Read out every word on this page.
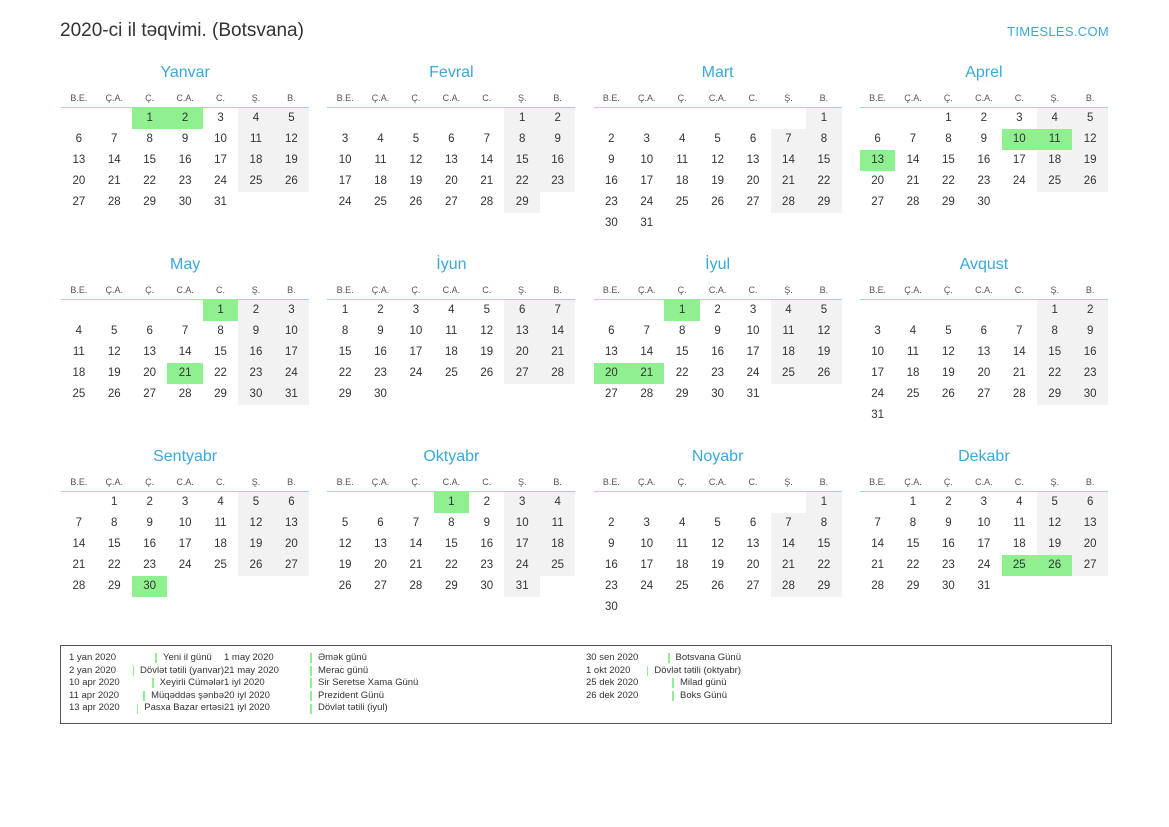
2020-ci il təqvimi. (Botsvana)	TIMESLES.COM
Yanvar
B.E.	Ç.A.	Ç.	C.A.	C.	Ş.	B.

		1	2	3	4	5

6	7	8	9	10	11	12

13	14	15	16	17	18	19

20	21	22	23	24	25	26

27	28	29	30	31		

Fevral
B.E.	Ç.A.	Ç.	C.A.	C.	Ş.	B.

					1	2

3	4	5	6	7	8	9

10	11	12	13	14	15	16

17	18	19	20	21	22	23

24	25	26	27	28	29	

Mart
B.E.	Ç.A.	Ç.	C.A.	C.	Ş.	B.

						1

2	3	4	5	6	7	8

9	10	11	12	13	14	15

16	17	18	19	20	21	22

23	24	25	26	27	28	29

30	31					

Aprel
B.E.	Ç.A.	Ç.	C.A.	C.	Ş.	B.

		1	2	3	4	5

6	7	8	9	10	11	12

13	14	15	16	17	18	19

20	21	22	23	24	25	26

27	28	29	30			

May
B.E.	Ç.A.	Ç.	C.A.	C.	Ş.	B.

				1	2	3

4	5	6	7	8	9	10

11	12	13	14	15	16	17

18	19	20	21	22	23	24

25	26	27	28	29	30	31
İyun
B.E.	Ç.A.	Ç.	C.A.	C.	Ş.	B.

1	2	3	4	5	6	7

8	9	10	11	12	13	14

15	16	17	18	19	20	21

22	23	24	25	26	27	28

29	30					

İyul
B.E.	Ç.A.	Ç.	C.A.	C.	Ş.	B.

		1	2	3	4	5

6	7	8	9	10	11	12

13	14	15	16	17	18	19

20	21	22	23	24	25	26

27	28	29	30	31		

Avqust
B.E.	Ç.A.	Ç.	C.A.	C.	Ş.	B.

					1	2

3	4	5	6	7	8	9

10	11	12	13	14	15	16

17	18	19	20	21	22	23

24	25	26	27	28	29	30

31						

Sentyabr
B.E.	Ç.A.	Ç.	C.A.	C.	Ş.	B.

	1	2	3	4	5	6

7	8	9	10	11	12	13

14	15	16	17	18	19	20

21	22	23	24	25	26	27

28	29	30				

Oktyabr
B.E.	Ç.A.	Ç.	C.A.	C.	Ş.	B.

			1	2	3	4

5	6	7	8	9	10	11

12	13	14	15	16	17	18

19	20	21	22	23	24	25

26	27	28	29	30	31	

Noyabr
B.E.	Ç.A.	Ç.	C.A.	C.	Ş.	B.

						1

2	3	4	5	6	7	8

9	10	11	12	13	14	15

16	17	18	19	20	21	22

23	24	25	26	27	28	29

30						

Dekabr
B.E.	Ç.A.	Ç.	C.A.	C.	Ş.	B.

	1	2	3	4	5	6

7	8	9	10	11	12	13

14	15	16	17	18	19	20

21	22	23	24	25	26	27

28	29	30	31			

1 yan 2020	Yeni il günü
2 yan 2020	Dövlət tətili (yanvar)
10 apr 2020	Xeyirli Cümələr
11 apr 2020	Müqəddəs şənbə
13 apr 2020	Pasxa Bazar ertəsi
1 may 2020	Əmək günü
21 may 2020	Merac günü
1 iyl 2020	Sir Seretse Xama Günü
20 iyl 2020	Prezident Günü
21 iyl 2020	Dövlət tətili (iyul)
30 sen 2020	Botsvana Günü
1 okt 2020	Dövlət tətili (oktyabr)
25 dek 2020	Milad günü
26 dek 2020	Boks Günü
